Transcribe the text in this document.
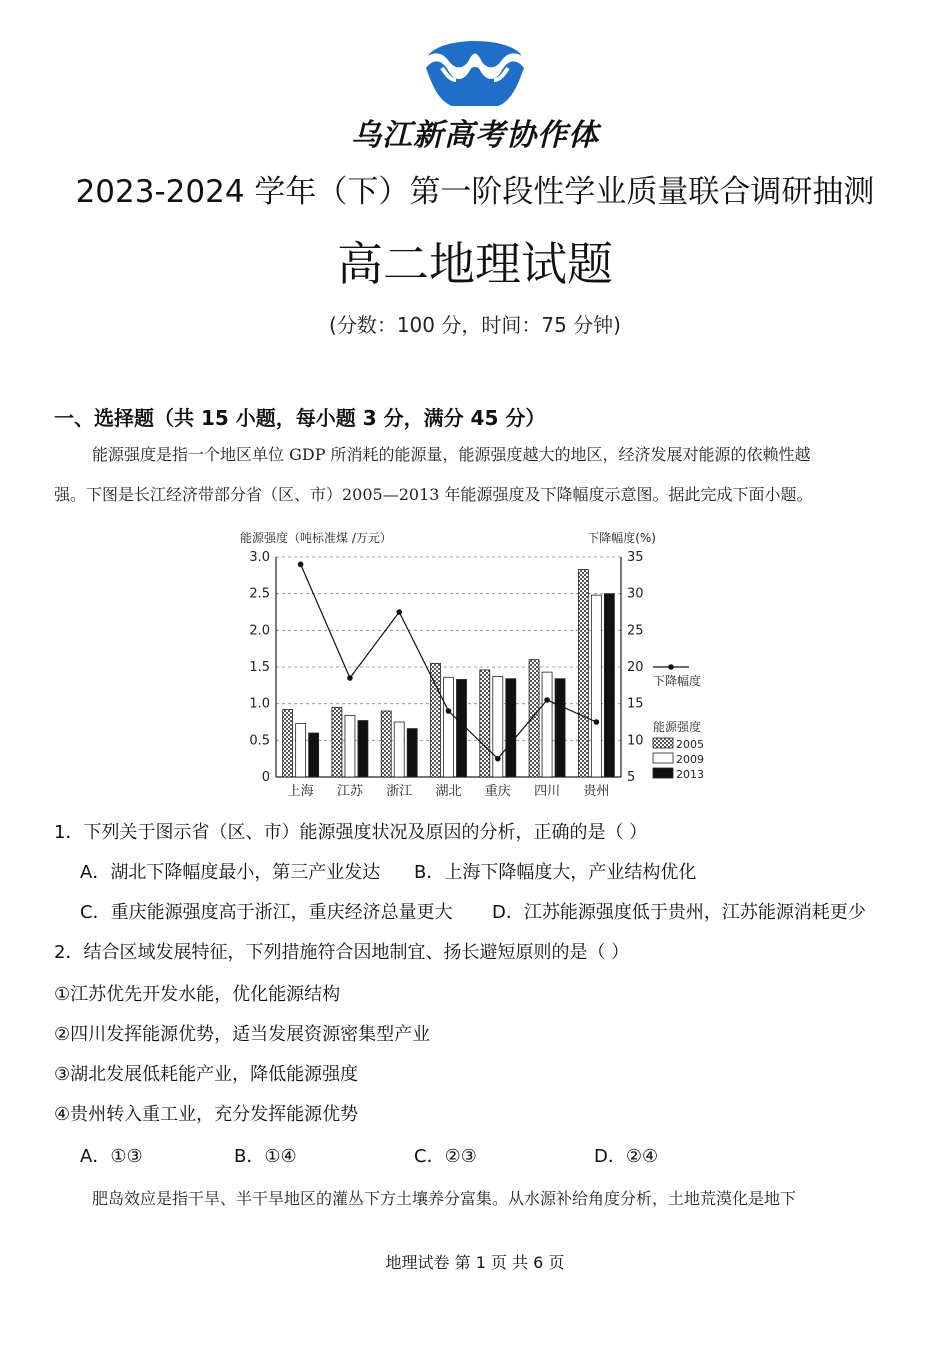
乌江新高考协作体
2023-2024 学年（下）第一阶段性学业质量联合调研抽测
高二地理试题
(分数：100 分，时间：75 分钟)
一、选择题（共 15 小题，每小题 3 分，满分 45 分）
能源强度是指一个地区单位 GDP 所消耗的能源量，能源强度越大的地区，经济发展对能源的依赖性越
强。下图是长江经济带部分省（区、市）2005—2013 年能源强度及下降幅度示意图。据此完成下面小题。
能源强度（吨标准煤 /万元）	下降幅度(%)
0
0.5
1.0
1.5
2.0
2.5
3.0
5
10
15
20
25
30
35
上海 江苏 浙江 湖北 重庆 四川 贵州
下降幅度
能源强度
2005
2009
2013
1．下列关于图示省（区、市）能源强度状况及原因的分析，正确的是（ ）
A．湖北下降幅度最小，第三产业发达 B．上海下降幅度大，产业结构优化
C．重庆能源强度高于浙江，重庆经济总量更大 D．江苏能源强度低于贵州，江苏能源消耗更少
2．结合区域发展特征，下列措施符合因地制宜、扬长避短原则的是（ ）
①江苏优先开发水能，优化能源结构
②四川发挥能源优势，适当发展资源密集型产业
③湖北发展低耗能产业，降低能源强度
④贵州转入重工业，充分发挥能源优势
A．①③	B．①④	C．②③	D．②④
肥岛效应是指干旱、半干旱地区的灌丛下方土壤养分富集。从水源补给角度分析，土地荒漠化是地下
地理试卷 第 1 页 共 6 页
